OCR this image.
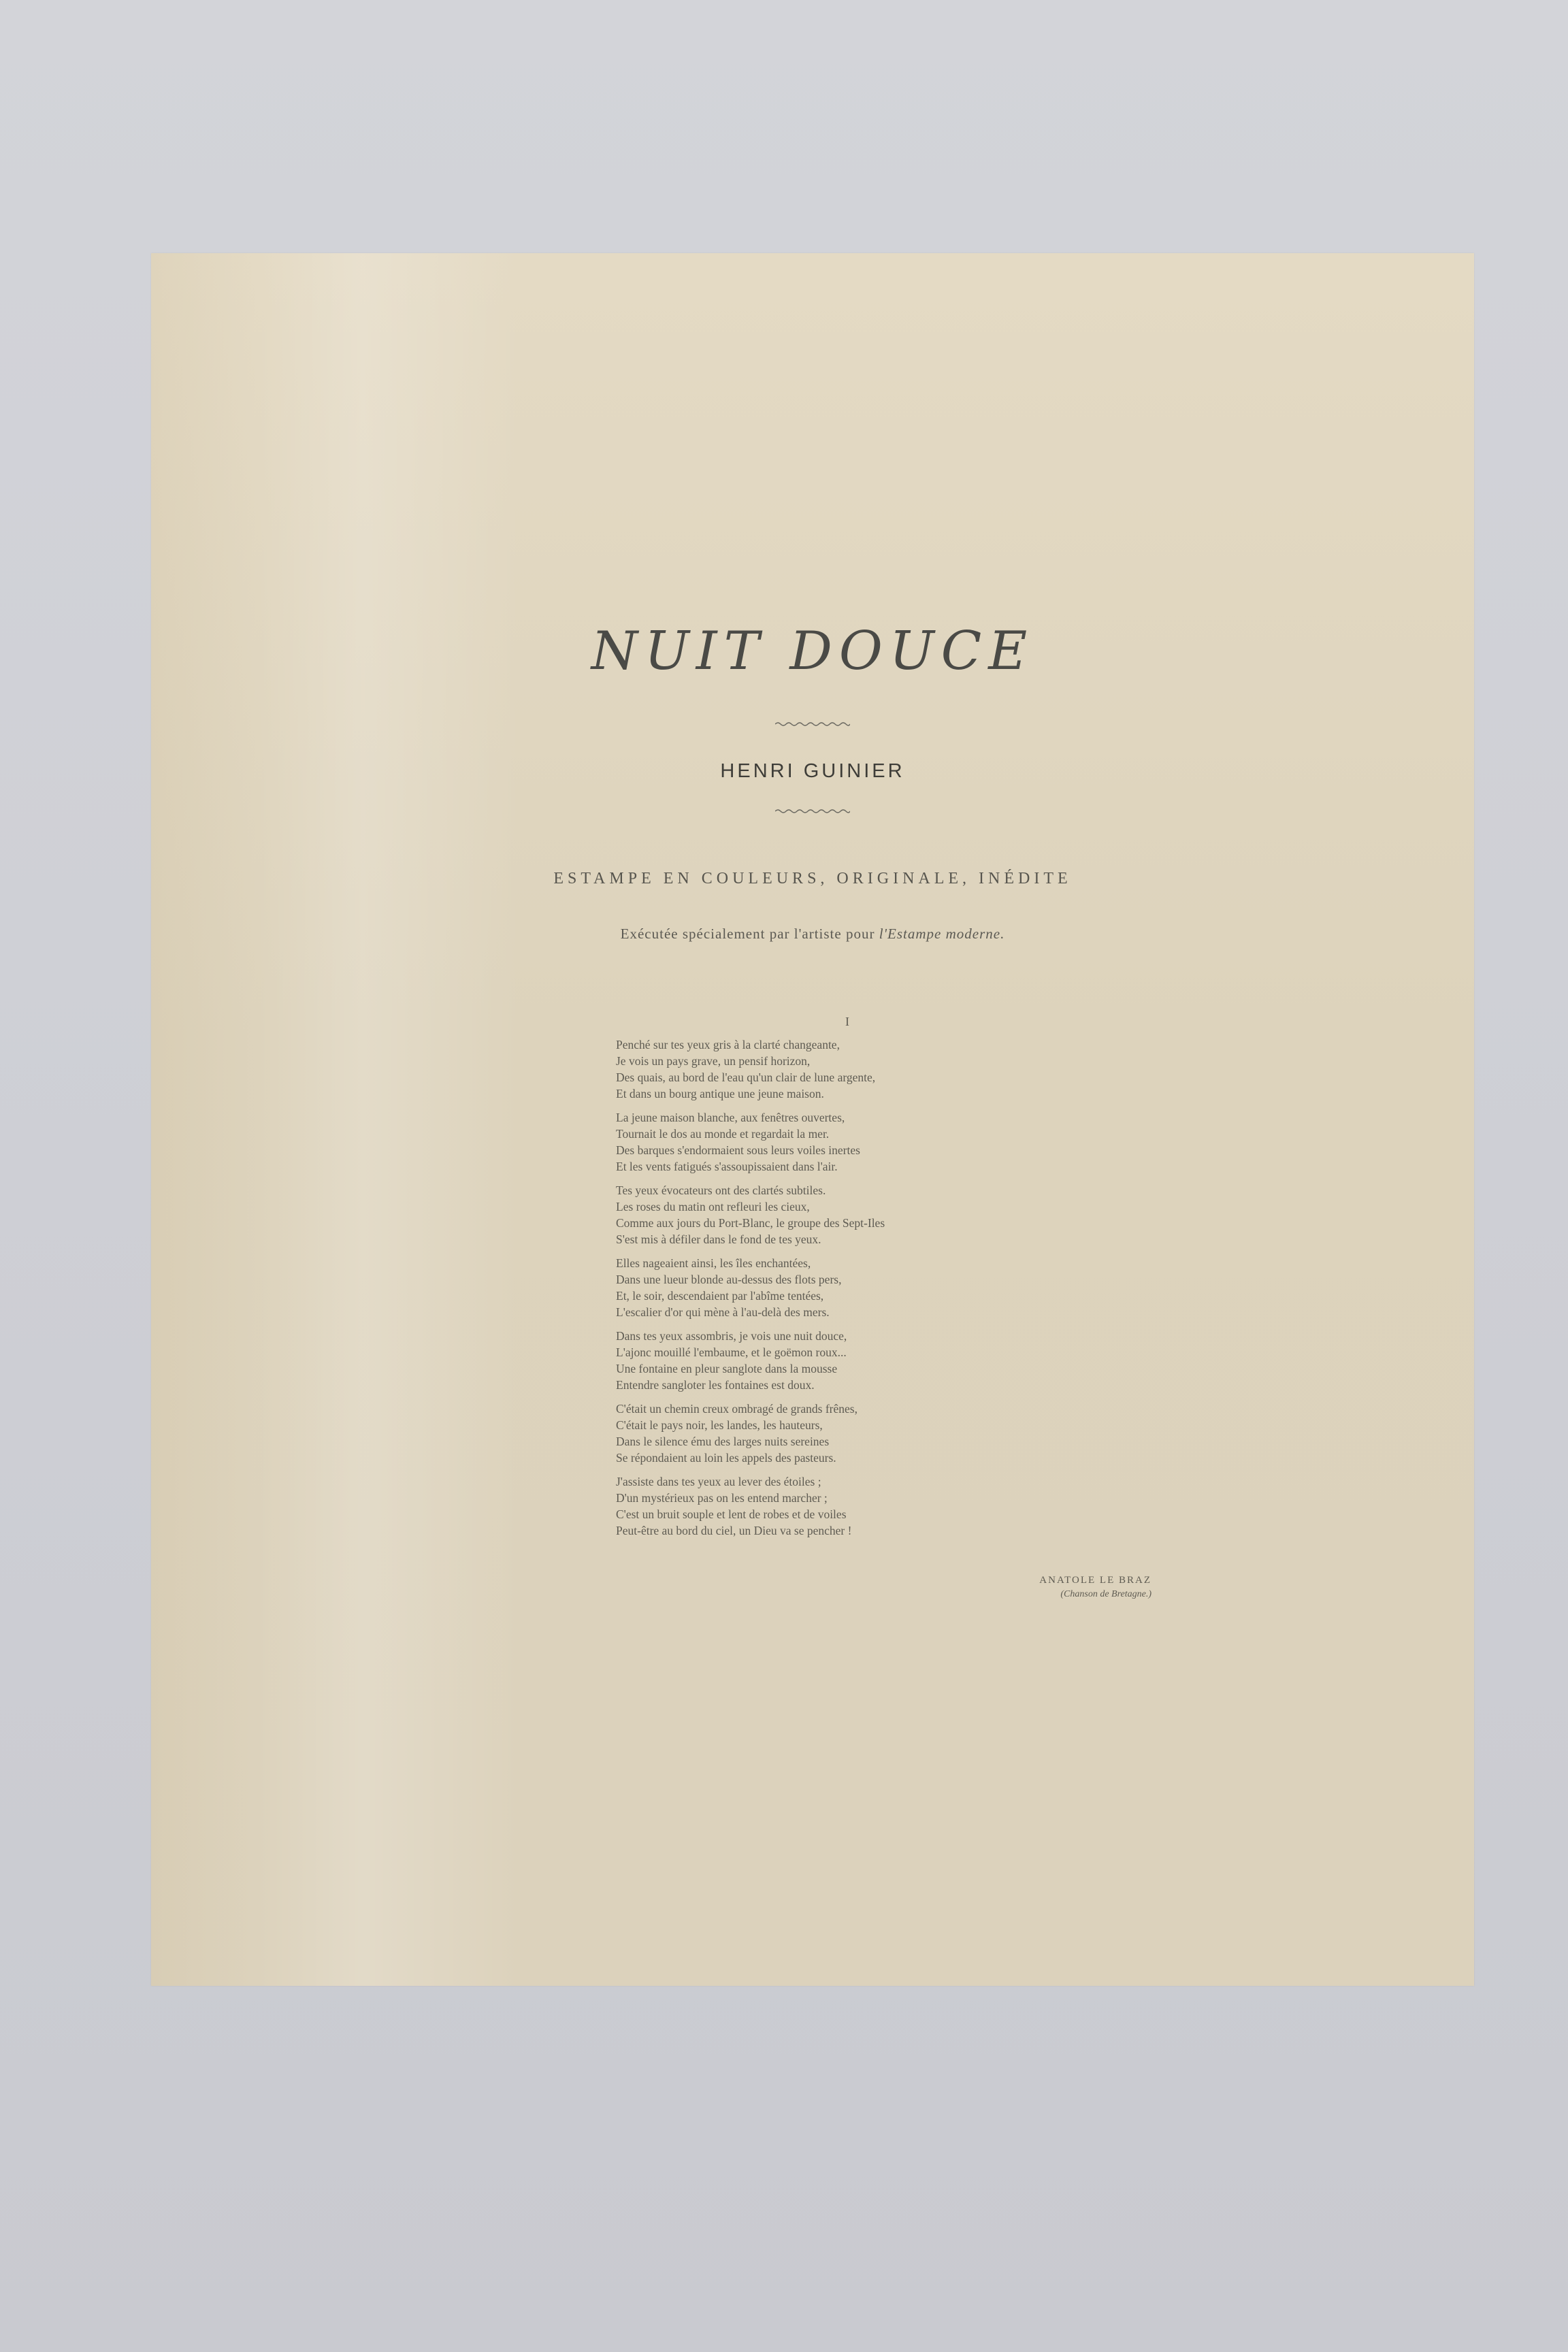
NUIT DOUCE
HENRI GUINIER
ESTAMPE EN COULEURS, ORIGINALE, INÉDITE
Exécutée spécialement par l'artiste pour l'Estampe moderne.
I
Penché sur tes yeux gris à la clarté changeante,
Je vois un pays grave, un pensif horizon,
Des quais, au bord de l'eau qu'un clair de lune argente,
Et dans un bourg antique une jeune maison.
La jeune maison blanche, aux fenêtres ouvertes,
Tournait le dos au monde et regardait la mer.
Des barques s'endormaient sous leurs voiles inertes
Et les vents fatigués s'assoupissaient dans l'air.
Tes yeux évocateurs ont des clartés subtiles.
Les roses du matin ont refleuri les cieux,
Comme aux jours du Port-Blanc, le groupe des Sept-Iles
S'est mis à défiler dans le fond de tes yeux.
Elles nageaient ainsi, les îles enchantées,
Dans une lueur blonde au-dessus des flots pers,
Et, le soir, descendaient par l'abîme tentées,
L'escalier d'or qui mène à l'au-delà des mers.
Dans tes yeux assombris, je vois une nuit douce,
L'ajonc mouillé l'embaume, et le goëmon roux...
Une fontaine en pleur sanglote dans la mousse
Entendre sangloter les fontaines est doux.
C'était un chemin creux ombragé de grands frênes,
C'était le pays noir, les landes, les hauteurs,
Dans le silence ému des larges nuits sereines
Se répondaient au loin les appels des pasteurs.
J'assiste dans tes yeux au lever des étoiles ;
D'un mystérieux pas on les entend marcher ;
C'est un bruit souple et lent de robes et de voiles
Peut-être au bord du ciel, un Dieu va se pencher !
ANATOLE LE BRAZ
(Chanson de Bretagne.)
